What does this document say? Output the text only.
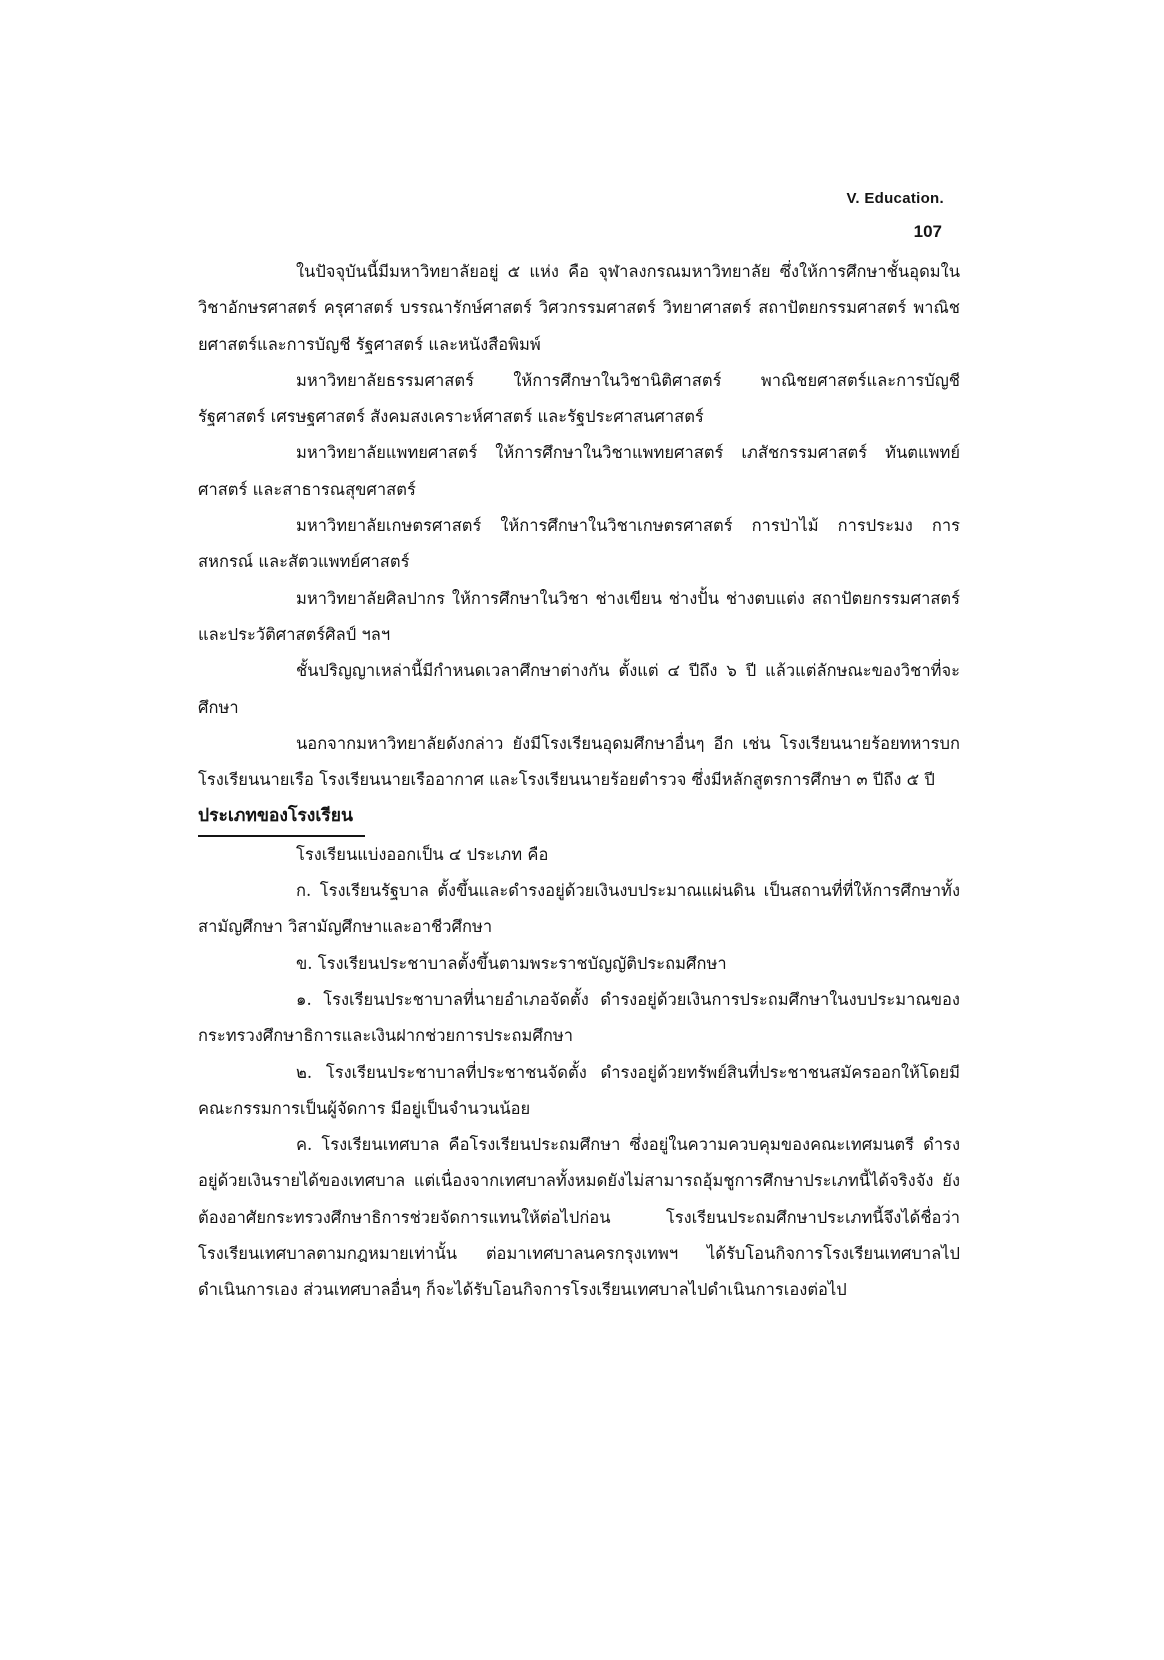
V. Education.
107

ในปัจจุบันนี้มีมหาวิทยาลัยอยู่ ๕ แห่ง คือ จุฬาลงกรณมหาวิทยาลัย ซึ่งให้การศึกษาชั้นอุดมในวิชาอักษรศาสตร์ ครุศาสตร์ บรรณารักษ์ศาสตร์ วิศวกรรมศาสตร์ วิทยาศาสตร์ สถาปัตยกรรมศาสตร์ พาณิชยศาสตร์และการบัญชี รัฐศาสตร์ และหนังสือพิมพ์

มหาวิทยาลัยธรรมศาสตร์ ให้การศึกษาในวิชานิติศาสตร์ พาณิชยศาสตร์และการบัญชี รัฐศาสตร์ เศรษฐศาสตร์ สังคมสงเคราะห์ศาสตร์ และรัฐประศาสนศาสตร์

มหาวิทยาลัยแพทยศาสตร์ ให้การศึกษาในวิชาแพทยศาสตร์ เภสัชกรรมศาสตร์ ทันตแพทย์ศาสตร์ และสาธารณสุขศาสตร์

มหาวิทยาลัยเกษตรศาสตร์ ให้การศึกษาในวิชาเกษตรศาสตร์ การป่าไม้ การประมง การสหกรณ์ และสัตวแพทย์ศาสตร์

มหาวิทยาลัยศิลปากร ให้การศึกษาในวิชา ช่างเขียน ช่างปั้น ช่างตบแต่ง สถาปัตยกรรมศาสตร์ และประวัติศาสตร์ศิลป์ ฯลฯ

ชั้นปริญญาเหล่านี้มีกำหนดเวลาศึกษาต่างกัน ตั้งแต่ ๔ ปีถึง ๖ ปี แล้วแต่ลักษณะของวิชาที่จะศึกษา

นอกจากมหาวิทยาลัยดังกล่าว ยังมีโรงเรียนอุดมศึกษาอื่นๆ อีก เช่น โรงเรียนนายร้อยทหารบก โรงเรียนนายเรือ โรงเรียนนายเรืออากาศ และโรงเรียนนายร้อยตำรวจ ซึ่งมีหลักสูตรการศึกษา ๓ ปีถึง ๕ ปี

ประเภทของโรงเรียน

โรงเรียนแบ่งออกเป็น ๔ ประเภท คือ

ก. โรงเรียนรัฐบาล ตั้งขึ้นและดำรงอยู่ด้วยเงินงบประมาณแผ่นดิน เป็นสถานที่ที่ให้การศึกษาทั้งสามัญศึกษา วิสามัญศึกษาและอาชีวศึกษา

ข. โรงเรียนประชาบาลตั้งขึ้นตามพระราชบัญญัติประถมศึกษา

๑. โรงเรียนประชาบาลที่นายอำเภอจัดตั้ง ดำรงอยู่ด้วยเงินการประถมศึกษาในงบประมาณของกระทรวงศึกษาธิการและเงินฝากช่วยการประถมศึกษา

๒. โรงเรียนประชาบาลที่ประชาชนจัดตั้ง ดำรงอยู่ด้วยทรัพย์สินที่ประชาชนสมัครออกให้โดยมีคณะกรรมการเป็นผู้จัดการ มีอยู่เป็นจำนวนน้อย

ค. โรงเรียนเทศบาล คือโรงเรียนประถมศึกษา ซึ่งอยู่ในความควบคุมของคณะเทศมนตรี ดำรงอยู่ด้วยเงินรายได้ของเทศบาล แต่เนื่องจากเทศบาลทั้งหมดยังไม่สามารถอุ้มชูการศึกษาประเภทนี้ได้จริงจัง ยังต้องอาศัยกระทรวงศึกษาธิการช่วยจัดการแทนให้ต่อไปก่อน โรงเรียนประถมศึกษาประเภทนี้จึงได้ชื่อว่าโรงเรียนเทศบาลตามกฎหมายเท่านั้น ต่อมาเทศบาลนครกรุงเทพฯ ได้รับโอนกิจการโรงเรียนเทศบาลไปดำเนินการเอง ส่วนเทศบาลอื่นๆ ก็จะได้รับโอนกิจการโรงเรียนเทศบาลไปดำเนินการเองต่อไป
